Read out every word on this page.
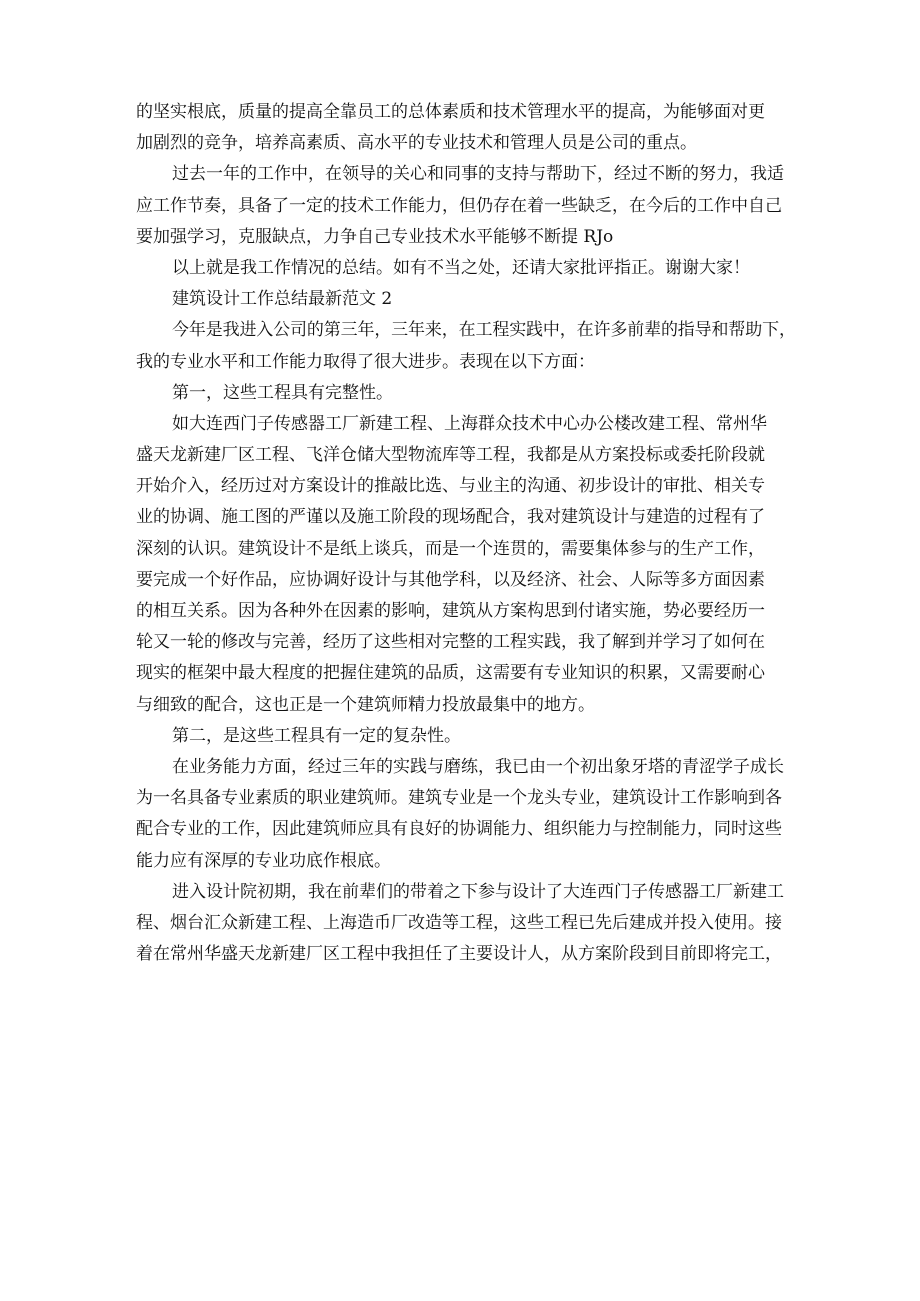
的坚实根底，质量的提高全靠员工的总体素质和技术管理水平的提高，为能够面对更
加剧烈的竞争，培养高素质、高水平的专业技术和管理人员是公司的重点。
过去一年的工作中，在领导的关心和同事的支持与帮助下，经过不断的努力，我适
应工作节奏，具备了一定的技术工作能力，但仍存在着一些缺乏，在今后的工作中自己
要加强学习，克服缺点，力争自己专业技术水平能够不断提 RJo
以上就是我工作情况的总结。如有不当之处，还请大家批评指正。谢谢大家！
建筑设计工作总结最新范文 2
今年是我进入公司的第三年，三年来，在工程实践中，在许多前辈的指导和帮助下，
我的专业水平和工作能力取得了很大进步。表现在以下方面：
第一，这些工程具有完整性。
如大连西门子传感器工厂新建工程、上海群众技术中心办公楼改建工程、常州华
盛天龙新建厂区工程、飞洋仓储大型物流库等工程，我都是从方案投标或委托阶段就
开始介入，经历过对方案设计的推敲比选、与业主的沟通、初步设计的审批、相关专
业的协调、施工图的严谨以及施工阶段的现场配合，我对建筑设计与建造的过程有了
深刻的认识。建筑设计不是纸上谈兵，而是一个连贯的，需要集体参与的生产工作，
要完成一个好作品，应协调好设计与其他学科，以及经济、社会、人际等多方面因素
的相互关系。因为各种外在因素的影响，建筑从方案构思到付诸实施，势必要经历一
轮又一轮的修改与完善，经历了这些相对完整的工程实践，我了解到并学习了如何在
现实的框架中最大程度的把握住建筑的品质，这需要有专业知识的积累，又需要耐心
与细致的配合，这也正是一个建筑师精力投放最集中的地方。
第二，是这些工程具有一定的复杂性。
在业务能力方面，经过三年的实践与磨练，我已由一个初出象牙塔的青涩学子成长
为一名具备专业素质的职业建筑师。建筑专业是一个龙头专业，建筑设计工作影响到各
配合专业的工作，因此建筑师应具有良好的协调能力、组织能力与控制能力，同时这些
能力应有深厚的专业功底作根底。
进入设计院初期，我在前辈们的带着之下参与设计了大连西门子传感器工厂新建工
程、烟台汇众新建工程、上海造币厂改造等工程，这些工程已先后建成并投入使用。接
着在常州华盛天龙新建厂区工程中我担任了主要设计人，从方案阶段到目前即将完工，
